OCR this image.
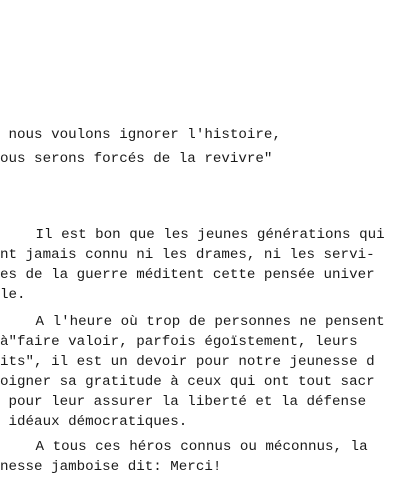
nous voulons ignorer l'histoire,
ous serons forcés de la revivre"
Il est bon que les jeunes générations qui
nt jamais connu ni les drames, ni les servi-
es de la guerre méditent cette pensée univer
le.
A l'heure où trop de personnes ne pensent
à"faire valoir, parfois égoïstement, leurs
its", il est un devoir pour notre jeunesse d
oigner sa gratitude à ceux qui ont tout sacr
pour leur assurer la liberté et la défense
idéaux démocratiques.
A tous ces héros connus ou méconnus, la
nesse jamboise dit: Merci!
